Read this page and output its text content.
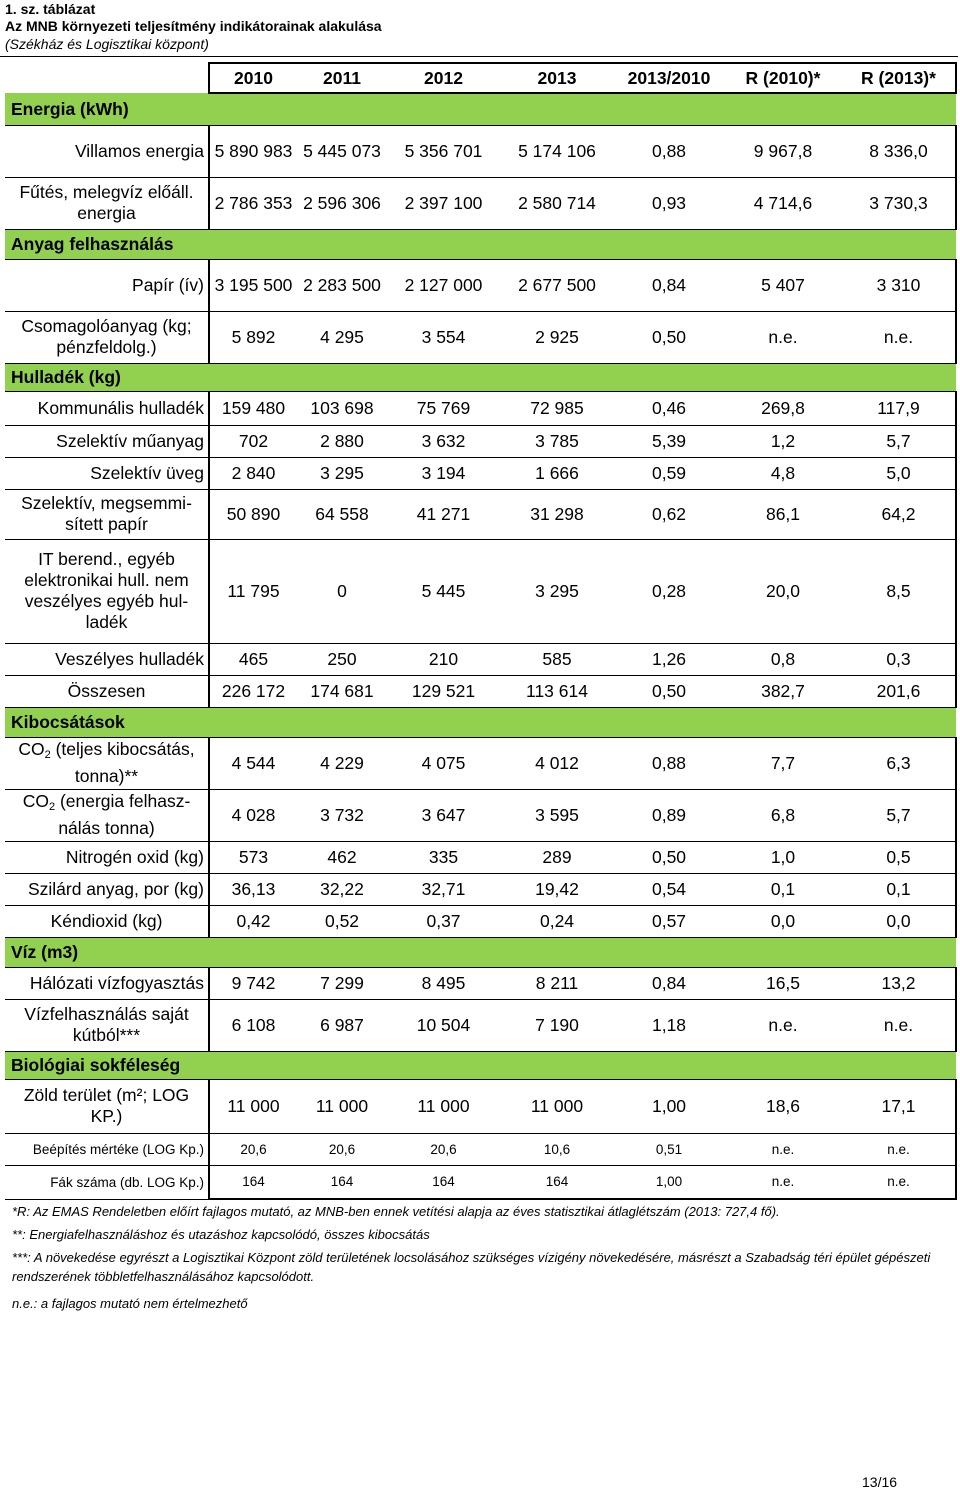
1. sz. táblázat
Az MNB környezeti teljesítmény indikátorainak alakulása
(Székház és Logisztikai központ)
	2010	2011	2012	2013	2013/2010	R (2010)*	R (2013)*
Energia (kWh)							
Villamos energia	5 890 983	5 445 073	5 356 701	5 174 106	0,88	9 967,8	8 336,0
Fűtés, melegvíz előáll. energia	2 786 353	2 596 306	2 397 100	2 580 714	0,93	4 714,6	3 730,3
Anyag felhasználás							
Papír (ív)	3 195 500	2 283 500	2 127 000	2 677 500	0,84	5 407	3 310
Csomagolóanyag (kg; pénzfeldolg.)	5 892	4 295	3 554	2 925	0,50	n.e.	n.e.
Hulladék (kg)							
Kommunális hulladék	159 480	103 698	75 769	72 985	0,46	269,8	117,9
Szelektív műanyag	702	2 880	3 632	3 785	5,39	1,2	5,7
Szelektív üveg	2 840	3 295	3 194	1 666	0,59	4,8	5,0
Szelektív, megsemmi-sített papír	50 890	64 558	41 271	31 298	0,62	86,1	64,2
IT berend., egyéb elektronikai hull. nem veszélyes egyéb hul-ladék	11 795	0	5 445	3 295	0,28	20,0	8,5
Veszélyes hulladék	465	250	210	585	1,26	0,8	0,3
Összesen	226 172	174 681	129 521	113 614	0,50	382,7	201,6
Kibocsátások							
$CO_2$ (teljes kibocsátás, tonna)**	4 544	4 229	4 075	4 012	0,88	7,7	6,3
$CO_2$ (energia felhasz-nálás tonna)	4 028	3 732	3 647	3 595	0,89	6,8	5,7
Nitrogén oxid (kg)	573	462	335	289	0,50	1,0	0,5
Szilárd anyag, por (kg)	36,13	32,22	32,71	19,42	0,54	0,1	0,1
Kéndioxid (kg)	0,42	0,52	0,37	0,24	0,57	0,0	0,0
Víz (m3)							
Hálózati vízfogyasztás	9 742	7 299	8 495	8 211	0,84	16,5	13,2
Vízfelhasználás saját kútból***	6 108	6 987	10 504	7 190	1,18	n.e.	n.e.
Biológiai sokféleség							
Zöld terület (m²; LOG KP.)	11 000	11 000	11 000	11 000	1,00	18,6	17,1
Beépítés mértéke (LOG Kp.)	20,6	20,6	20,6	10,6	0,51	n.e.	n.e.
Fák száma (db. LOG Kp.)	164	164	164	164	1,00	n.e.	n.e.
*R: Az EMAS Rendeletben előírt fajlagos mutató, az MNB-ben ennek vetítési alapja az éves statisztikai átlaglétszám (2013: 727,4 fő).
**: Energiafelhasználáshoz és utazáshoz kapcsolódó, összes kibocsátás
***: A növekedése egyrészt a Logisztikai Központ zöld területének locsolásához szükséges vízigény növekedésére, másrészt a Szabadság téri épület gépészeti rendszerének többletfelhasználásához kapcsolódott.
n.e.: a fajlagos mutató nem értelmezhető
13/16
